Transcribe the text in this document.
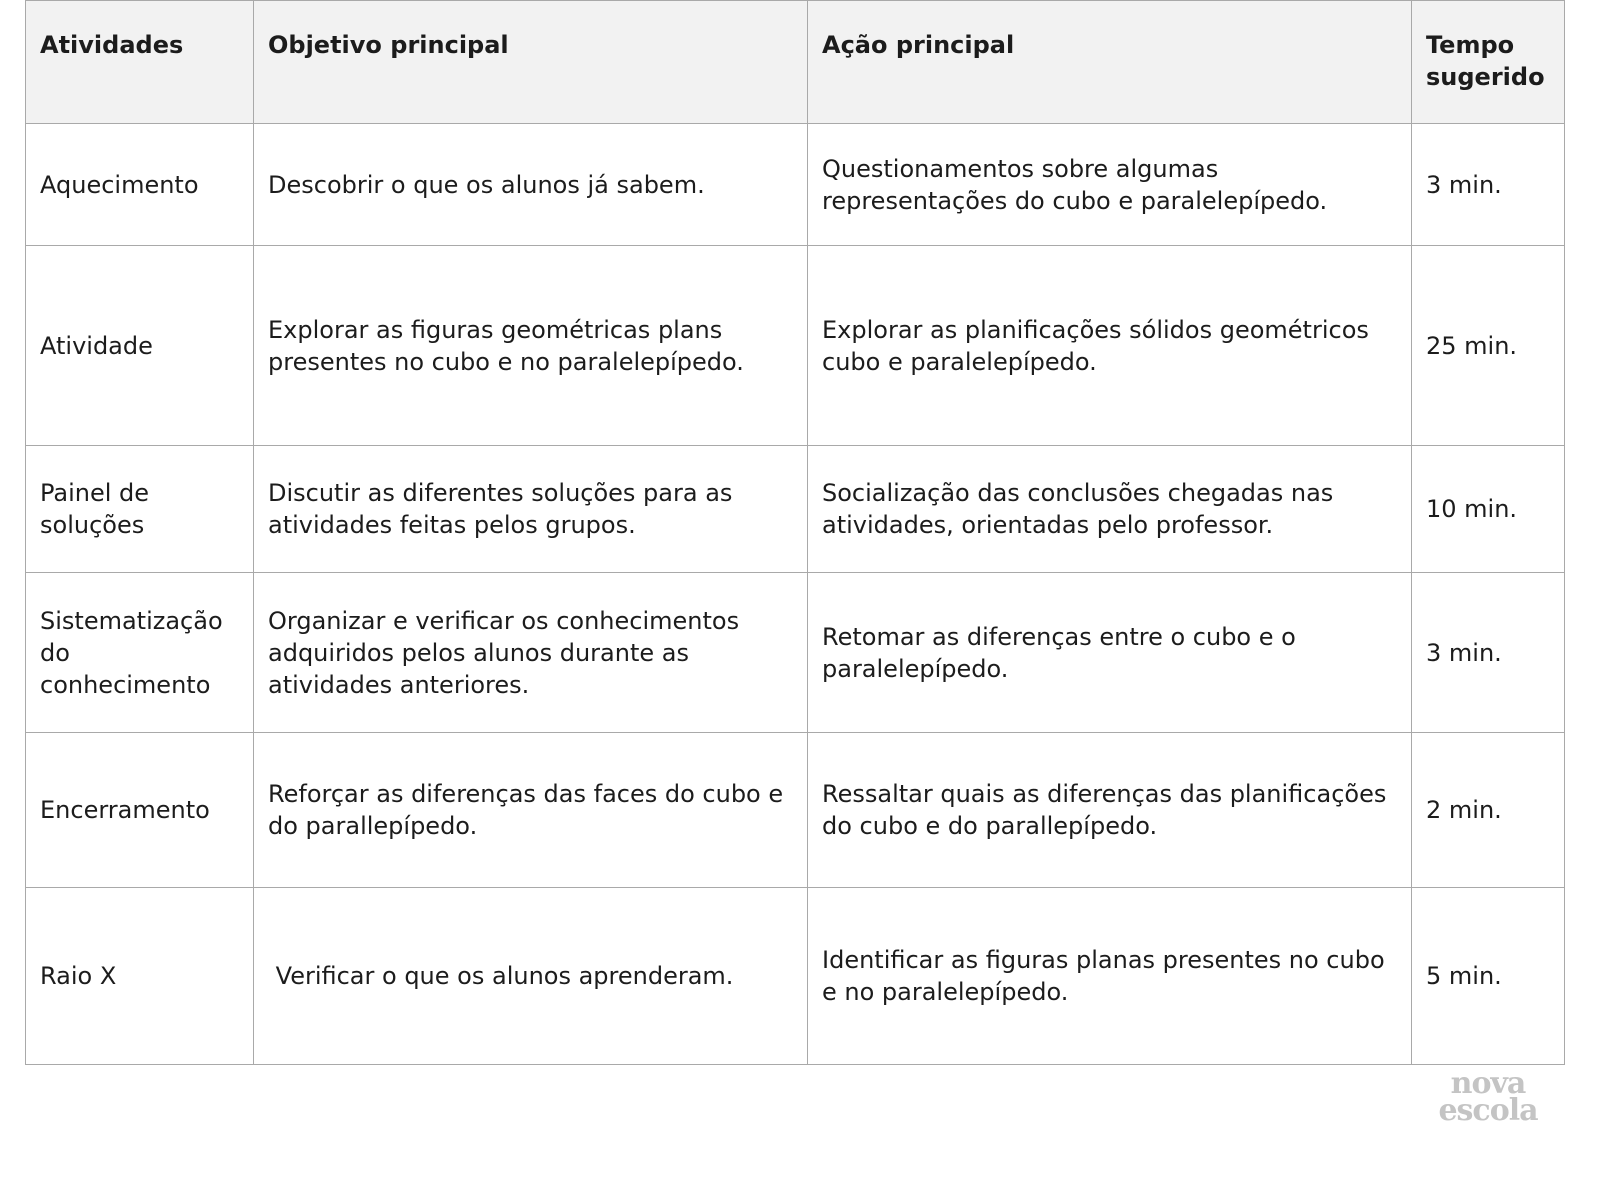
Atividades	Objetivo principal	Ação principal	Tempo sugerido
Aquecimento	Descobrir o que os alunos já sabem.	Questionamentos sobre algumas representações do cubo e paralelepípedo.	3 min.
Atividade	Explorar as figuras geométricas plans presentes no cubo e no paralelepípedo.	Explorar as planificações sólidos geométricos cubo e paralelepípedo.	25 min.
Painel de soluções	Discutir as diferentes soluções para as atividades feitas pelos grupos.	Socialização das conclusões chegadas nas atividades, orientadas pelo professor.	10 min.
Sistematização do conhecimento	Organizar e verificar os conhecimentos adquiridos pelos alunos durante as atividades anteriores.	Retomar as diferenças entre o cubo e o paralelepípedo.	3 min.
Encerramento	Reforçar as diferenças das faces do cubo e do parallepípedo.	Ressaltar quais as diferenças das planificações do cubo e do parallepípedo.	2 min.
Raio X	Verificar o que os alunos aprenderam.	Identificar as figuras planas presentes no cubo e no paralelepípedo.	5 min.
nova
escola
